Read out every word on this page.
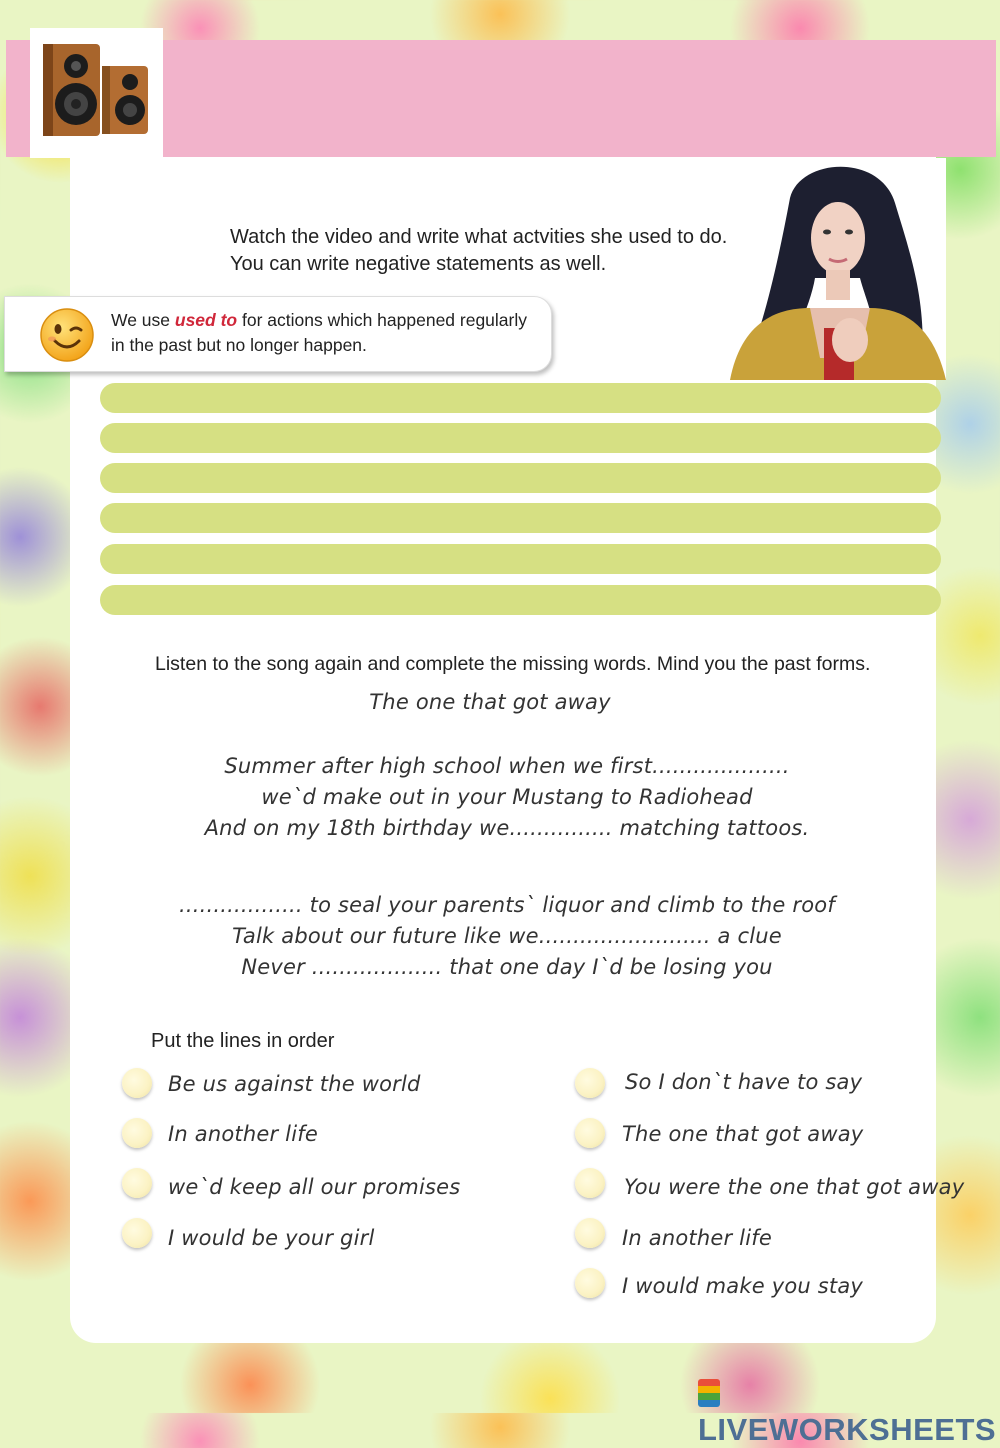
Watch the video and write what actvities she used to do.
You can write negative statements as well.
We use used to for actions which happened regularly
in the past but no longer happen.
Listen to the song again and complete the missing words. Mind you the past forms.
The one that got away
Summer after high school when we first....................
we`d make out in your Mustang to Radiohead
And on my 18th birthday we............... matching tattoos.
.................. to seal your parents` liquor and climb to the roof
Talk about our future like we......................... a clue
Never ................... that one day I`d be losing you
Put the lines in order
Be us against the world
In another life
we`d keep all our promises
I would be your girl
So I don`t have to say
The one that got away
You were the one that got away
In another life
I would make you stay
LIVEWORKSHEETS
